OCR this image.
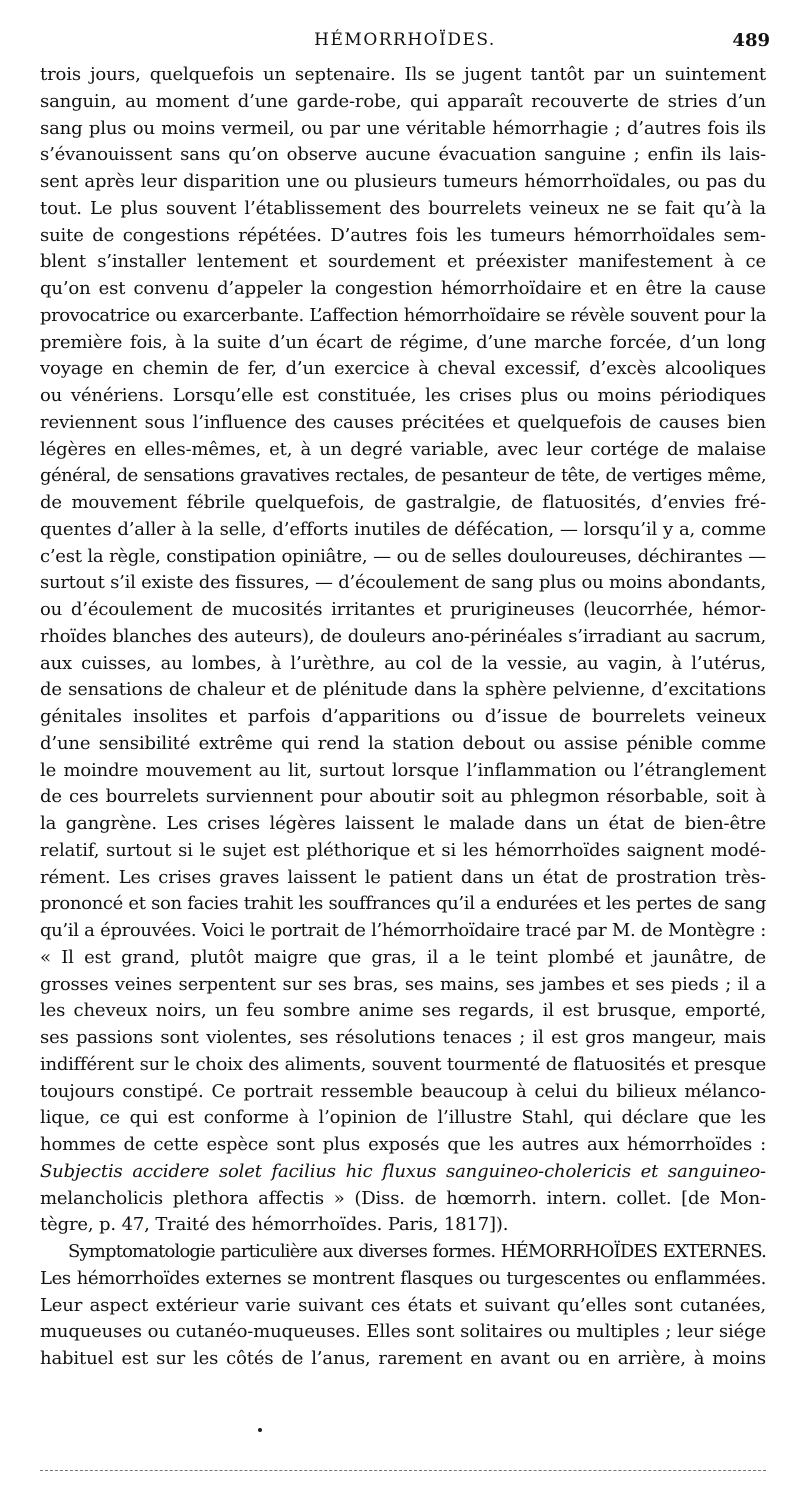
HÉMORRHOÏDES.	489
trois jours, quelquefois un septenaire. Ils se jugent tantôt par un suintement
sanguin, au moment d’une garde-robe, qui apparaît recouverte de stries d’un
sang plus ou moins vermeil, ou par une véritable hémorrhagie ; d’autres fois ils
s’évanouissent sans qu’on observe aucune évacuation sanguine ; enfin ils lais-
sent après leur disparition une ou plusieurs tumeurs hémorrhoïdales, ou pas du
tout. Le plus souvent l’établissement des bourrelets veineux ne se fait qu’à la
suite de congestions répétées. D’autres fois les tumeurs hémorrhoïdales sem-
blent s’installer lentement et sourdement et préexister manifestement à ce
qu’on est convenu d’appeler la congestion hémorrhoïdaire et en être la cause
provocatrice ou exarcerbante. L’affection hémorrhoïdaire se révèle souvent pour la
première fois, à la suite d’un écart de régime, d’une marche forcée, d’un long
voyage en chemin de fer, d’un exercice à cheval excessif, d’excès alcooliques
ou vénériens. Lorsqu’elle est constituée, les crises plus ou moins périodiques
reviennent sous l’influence des causes précitées et quelquefois de causes bien
légères en elles-mêmes, et, à un degré variable, avec leur cortége de malaise
général, de sensations gravatives rectales, de pesanteur de tête, de vertiges même,
de mouvement fébrile quelquefois, de gastralgie, de flatuosités, d’envies fré-
quentes d’aller à la selle, d’efforts inutiles de défécation, — lorsqu’il y a, comme
c’est la règle, constipation opiniâtre, — ou de selles douloureuses, déchirantes —
surtout s’il existe des fissures, — d’écoulement de sang plus ou moins abondants,
ou d’écoulement de mucosités irritantes et prurigineuses (leucorrhée, hémor-
rhoïdes blanches des auteurs), de douleurs ano-périnéales s’irradiant au sacrum,
aux cuisses, au lombes, à l’urèthre, au col de la vessie, au vagin, à l’utérus,
de sensations de chaleur et de plénitude dans la sphère pelvienne, d’excitations
génitales insolites et parfois d’apparitions ou d’issue de bourrelets veineux
d’une sensibilité extrême qui rend la station debout ou assise pénible comme
le moindre mouvement au lit, surtout lorsque l’inflammation ou l’étranglement
de ces bourrelets surviennent pour aboutir soit au phlegmon résorbable, soit à
la gangrène. Les crises légères laissent le malade dans un état de bien-être
relatif, surtout si le sujet est pléthorique et si les hémorrhoïdes saignent modé-
rément. Les crises graves laissent le patient dans un état de prostration très-
prononcé et son facies trahit les souffrances qu’il a endurées et les pertes de sang
qu’il a éprouvées. Voici le portrait de l’hémorrhoïdaire tracé par M. de Montègre :
« Il est grand, plutôt maigre que gras, il a le teint plombé et jaunâtre, de
grosses veines serpentent sur ses bras, ses mains, ses jambes et ses pieds ; il a
les cheveux noirs, un feu sombre anime ses regards, il est brusque, emporté,
ses passions sont violentes, ses résolutions tenaces ; il est gros mangeur, mais
indifférent sur le choix des aliments, souvent tourmenté de flatuosités et presque
toujours constipé. Ce portrait ressemble beaucoup à celui du bilieux mélanco-
lique, ce qui est conforme à l’opinion de l’illustre Stahl, qui déclare que les
hommes de cette espèce sont plus exposés que les autres aux hémorrhoïdes :
Subjectis accidere solet facilius hic fluxus sanguineo-cholericis et sanguineo-
melancholicis plethora affectis » (Diss. de hœmorrh. intern. collet. [de Mon-
tègre, p. 47, Traité des hémorrhoïdes. Paris, 1817]).
Symptomatologie particulière aux diverses formes. HÉMORRHOÏDES EXTERNES.
Les hémorrhoïdes externes se montrent flasques ou turgescentes ou enflammées.
Leur aspect extérieur varie suivant ces états et suivant qu’elles sont cutanées,
muqueuses ou cutanéo-muqueuses. Elles sont solitaires ou multiples ; leur siége
habituel est sur les côtés de l’anus, rarement en avant ou en arrière, à moins
